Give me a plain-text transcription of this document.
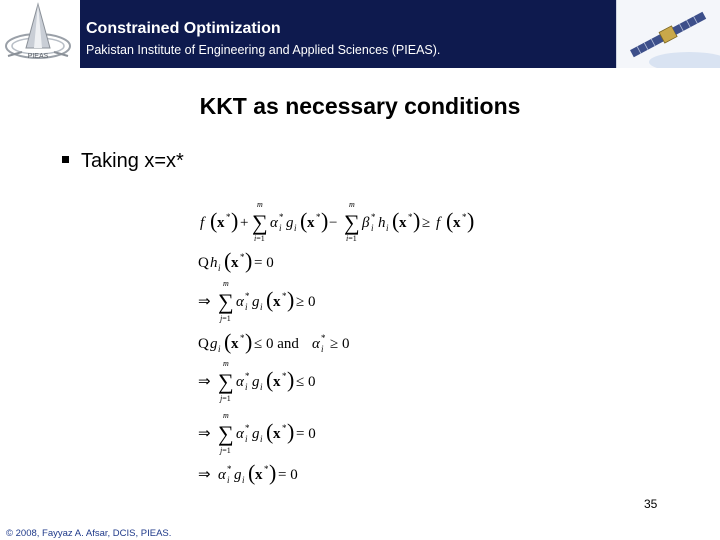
PIEAS
Constrained Optimization
Pakistan Institute of Engineering and Applied Sciences (PIEAS).
KKT as necessary conditions
Taking x=x*
f ( x * ) + ∑
m
i=1
α *
i g i ( x * ) − ∑
m
i=1
β *
i h i ( x * ) ≥ f ( x * )
Q h i ( x * ) = 0
⇒ ∑
m
j=1
α *
i g i ( x * ) ≥ 0
Q g i ( x * ) ≤ 0 and α *
i ≥ 0
⇒ ∑
m
j=1
α *
i g i ( x * ) ≤ 0
⇒ ∑
m
j=1
α *
i g i ( x * ) = 0
⇒ α *
i g i ( x * ) = 0
35
© 2008, Fayyaz A. Afsar, DCIS, PIEAS.
